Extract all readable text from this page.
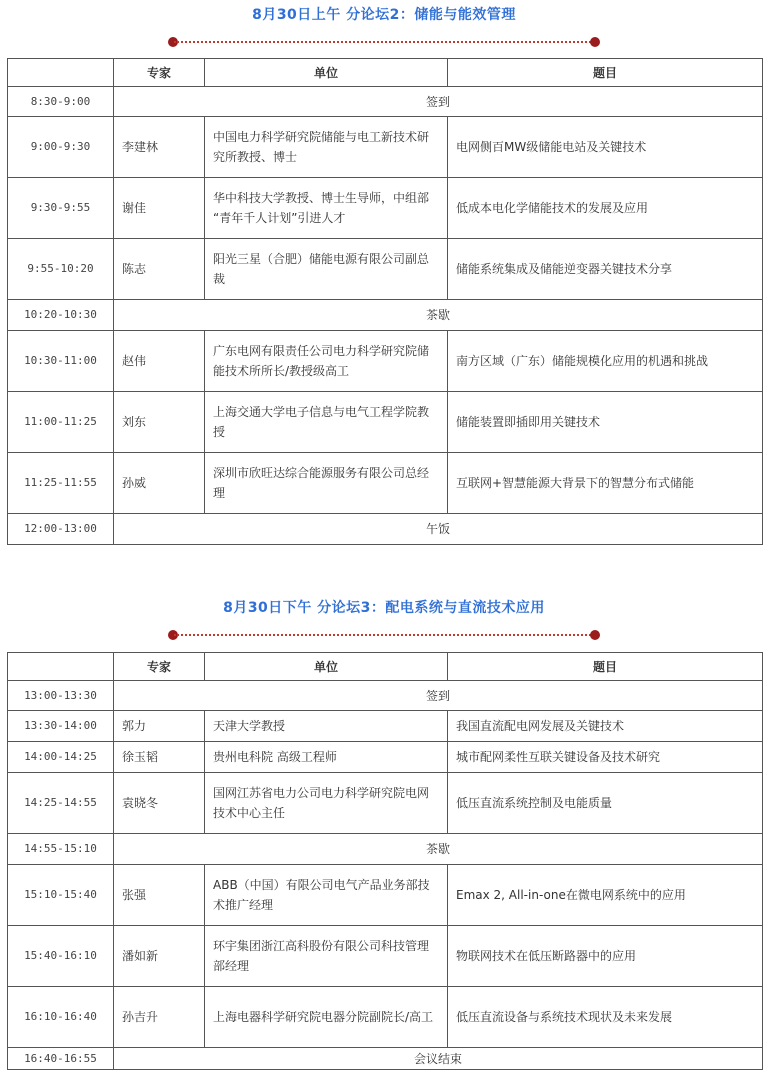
8月30日上午 分论坛2：储能与能效管理
	专家	单位	题目
8:30-9:00	签到		
9:00-9:30	李建林	中国电力科学研究院储能与电工新技术研究所教授、博士	电网侧百MW级储能电站及关键技术
9:30-9:55	谢佳	华中科技大学教授、博士生导师，中组部 “青年千人计划”引进人才	低成本电化学储能技术的发展及应用
9:55-10:20	陈志	阳光三星（合肥）储能电源有限公司副总裁	储能系统集成及储能逆变器关键技术分享
10:20-10:30	茶歇		
10:30-11:00	赵伟	广东电网有限责任公司电力科学研究院储能技术所所长/教授级高工	南方区域（广东）储能规模化应用的机遇和挑战
11:00-11:25	刘东	上海交通大学电子信息与电气工程学院教授	储能装置即插即用关键技术
11:25-11:55	孙威	深圳市欣旺达综合能源服务有限公司总经理	互联网+智慧能源大背景下的智慧分布式储能
12:00-13:00	午饭		
8月30日下午 分论坛3：配电系统与直流技术应用
	专家	单位	题目
13:00-13:30	签到		
13:30-14:00	郭力	天津大学教授	我国直流配电网发展及关键技术
14:00-14:25	徐玉韬	贵州电科院 高级工程师	城市配网柔性互联关键设备及技术研究
14:25-14:55	袁晓冬	国网江苏省电力公司电力科学研究院电网技术中心主任	低压直流系统控制及电能质量
14:55-15:10	茶歇		
15:10-15:40	张强	ABB（中国）有限公司电气产品业务部技术推广经理	Emax 2, All-in-one在微电网系统中的应用
15:40-16:10	潘如新	环宇集团浙江高科股份有限公司科技管理部经理	物联网技术在低压断路器中的应用
16:10-16:40	孙吉升	上海电器科学研究院电器分院副院长/高工	低压直流设备与系统技术现状及未来发展
16:40-16:55	会议结束		
